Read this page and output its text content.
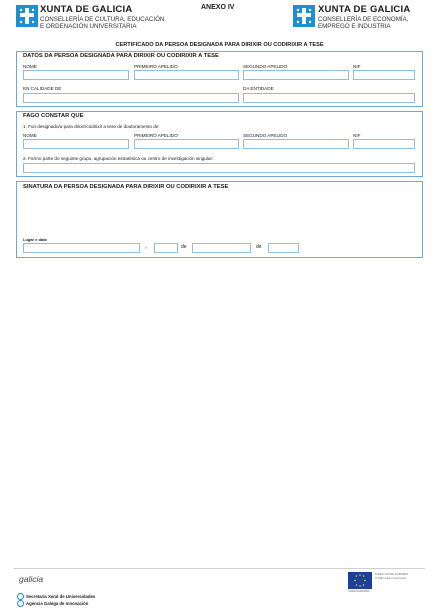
XUNTA DE GALICIA
CONSELLERÍA DE CULTURA, EDUCACIÓN
E ORDENACIÓN UNIVERSITARIA
ANEXO IV	XUNTA DE GALICIA
CONSELLERÍA DE ECONOMÍA,
EMPREGO E INDUSTRIA
CERTIFICADO DA PERSOA DESIGNADA PARA DIRIXIR OU CODIRIXIR A TESE
DATOS DA PERSOA DESIGNADA PARA DIRIXIR OU CODIRIXIR A TESE
NOME	PRIMEIRO APELIDO	SEGUNDO APELIDO	NIF
EN CALIDADE DE	DA ENTIDADE
FAGO CONSTAR QUE
1. Fun designado/a para dirixir/codirixir a tese de doutoramento de:
NOME	PRIMEIRO APELIDO	SEGUNDO APELIDO	NIF
2. Formo parte do seguinte grupo, agrupación estratéxica ou centro de investigación singular:
SINATURA DA PERSOA DESIGNADA PARA DIRIXIR OU CODIRIXIR A TESE
Lugar e data
,	de	de
galicia
Secretaría Xeral de Universidades
Agencia Galega de Innovación
FONDO SOCIAL EUROPEO
O FSE inviste no teu futuro
UNIÓN EUROPEA
